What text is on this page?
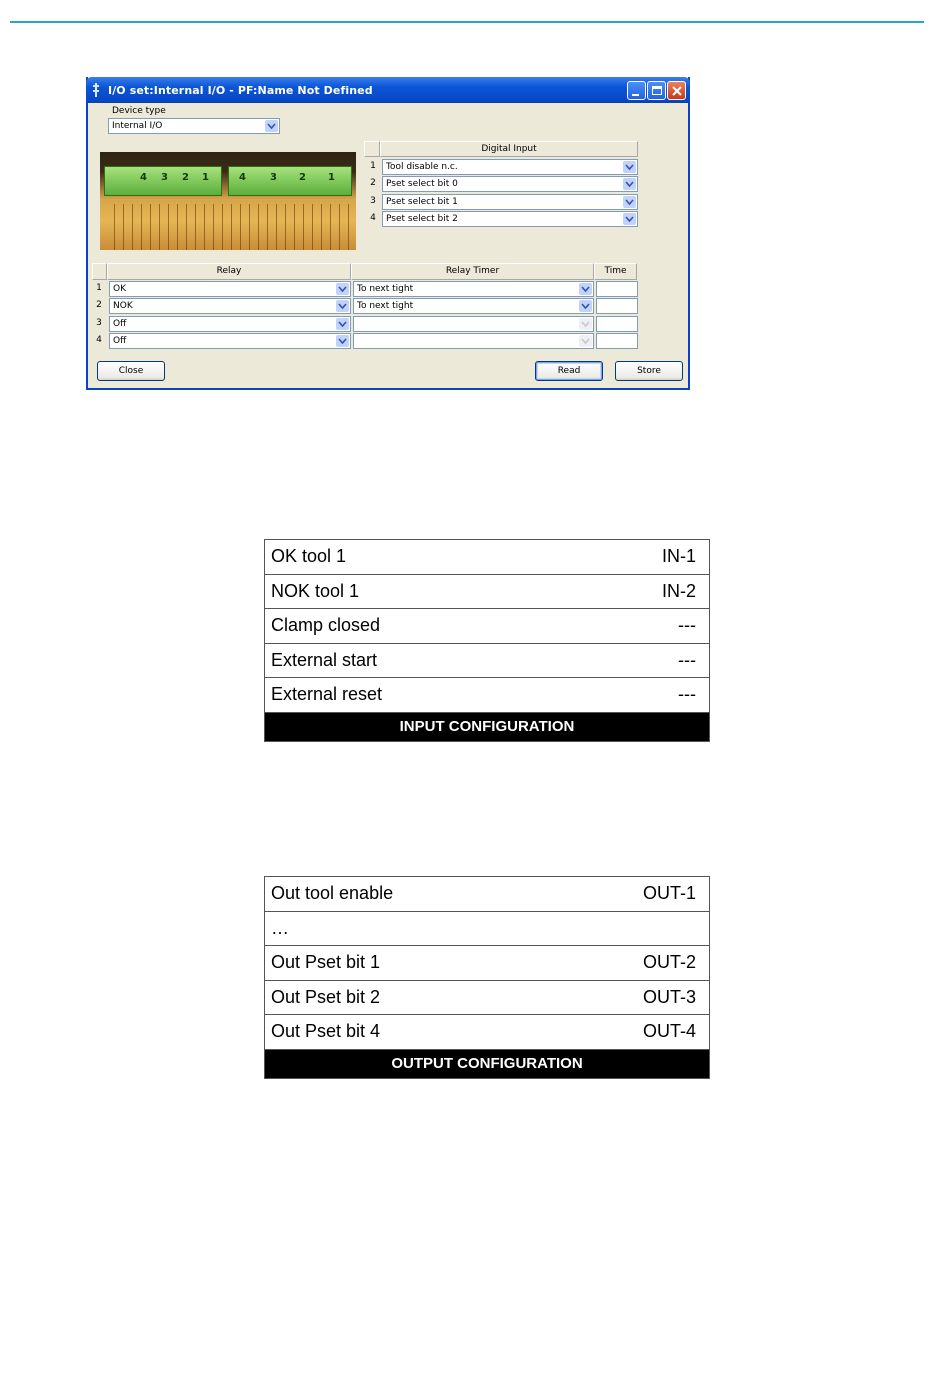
I/O set:Internal I/O - PF:Name Not Defined
Device type
Internal I/O
4 3 2 1	4 3 2 1
Digital Input
1	Tool disable n.c.
2	Pset select bit 0
3	Pset select bit 1
4	Pset select bit 2
Relay	Relay Timer	Time
1	OK	To next tight
2	NOK	To next tight
3	Off
4	Off
Close	Read	Store
OK tool 1	IN-1
NOK tool 1	IN-2
Clamp closed	---
External start	---
External reset	---
INPUT CONFIGURATION
Out tool enable	OUT-1
…
Out Pset bit 1	OUT-2
Out Pset bit 2	OUT-3
Out Pset bit 4	OUT-4
OUTPUT CONFIGURATION
